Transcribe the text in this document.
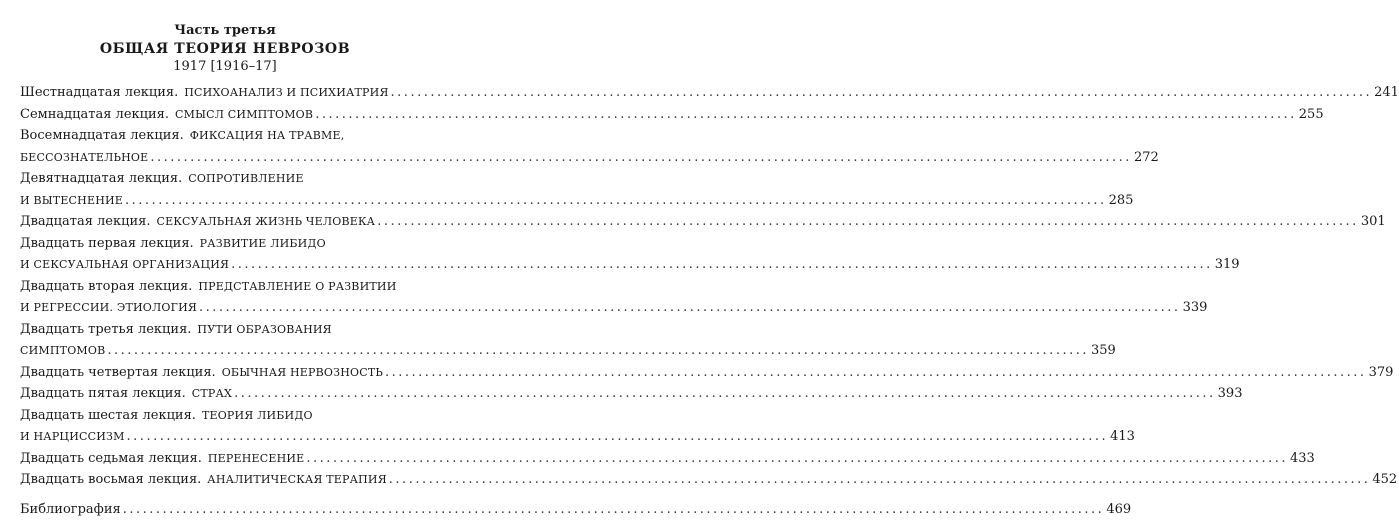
Часть третья
ОБЩАЯ ТЕОРИЯ НЕВРОЗОВ
1917 [1916–17]
Шестнадцатая лекция. ПСИХОАНАЛИЗ И ПСИХИАТРИЯ .....	241
Семнадцатая лекция. СМЫСЛ СИМПТОМОВ .....	255
Восемнадцатая лекция. ФИКСАЦИЯ НА ТРАВМЕ,
БЕССОЗНАТЕЛЬНОЕ .....	272
Девятнадцатая лекция. СОПРОТИВЛЕНИЕ
И ВЫТЕСНЕНИЕ .....	285
Двадцатая лекция. СЕКСУАЛЬНАЯ ЖИЗНЬ ЧЕЛОВЕКА .....	301
Двадцать первая лекция. РАЗВИТИЕ ЛИБИДО
И СЕКСУАЛЬНАЯ ОРГАНИЗАЦИЯ .....	319
Двадцать вторая лекция. ПРЕДСТАВЛЕНИЕ О РАЗВИТИИ
И РЕГРЕССИИ. ЭТИОЛОГИЯ .....	339
Двадцать третья лекция. ПУТИ ОБРАЗОВАНИЯ
СИМПТОМОВ .....	359
Двадцать четвертая лекция. ОБЫЧНАЯ НЕРВОЗНОСТЬ .....	379
Двадцать пятая лекция. СТРАХ .....	393
Двадцать шестая лекция. ТЕОРИЯ ЛИБИДО
И НАРЦИССИЗМ .....	413
Двадцать седьмая лекция. ПЕРЕНЕСЕНИЕ .....	433
Двадцать восьмая лекция. АНАЛИТИЧЕСКАЯ ТЕРАПИЯ .....	452
Библиография .....	469
